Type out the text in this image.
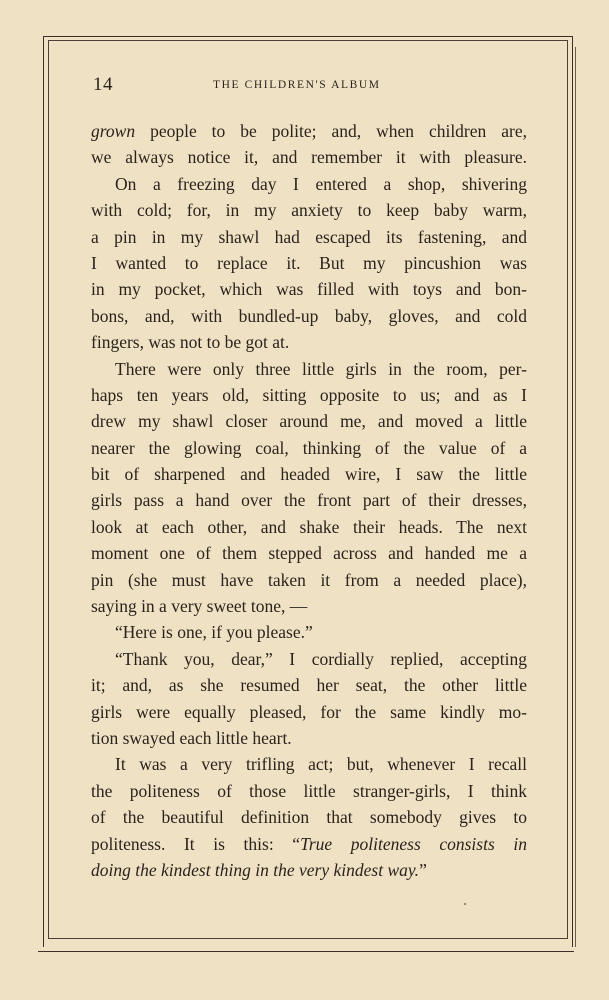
14	THE CHILDREN'S ALBUM
grown people to be polite; and, when children are,
we always notice it, and remember it with pleasure.
On a freezing day I entered a shop, shivering
with cold; for, in my anxiety to keep baby warm,
a pin in my shawl had escaped its fastening, and
I wanted to replace it. But my pincushion was
in my pocket, which was filled with toys and bon-
bons, and, with bundled-up baby, gloves, and cold
fingers, was not to be got at.
There were only three little girls in the room, per-
haps ten years old, sitting opposite to us; and as I
drew my shawl closer around me, and moved a little
nearer the glowing coal, thinking of the value of a
bit of sharpened and headed wire, I saw the little
girls pass a hand over the front part of their dresses,
look at each other, and shake their heads. The next
moment one of them stepped across and handed me a
pin (she must have taken it from a needed place),
saying in a very sweet tone, —
“Here is one, if you please.”
“Thank you, dear,” I cordially replied, accepting
it; and, as she resumed her seat, the other little
girls were equally pleased, for the same kindly mo-
tion swayed each little heart.
It was a very trifling act; but, whenever I recall
the politeness of those little stranger-girls, I think
of the beautiful definition that somebody gives to
politeness. It is this: “True politeness consists in
doing the kindest thing in the very kindest way.”
